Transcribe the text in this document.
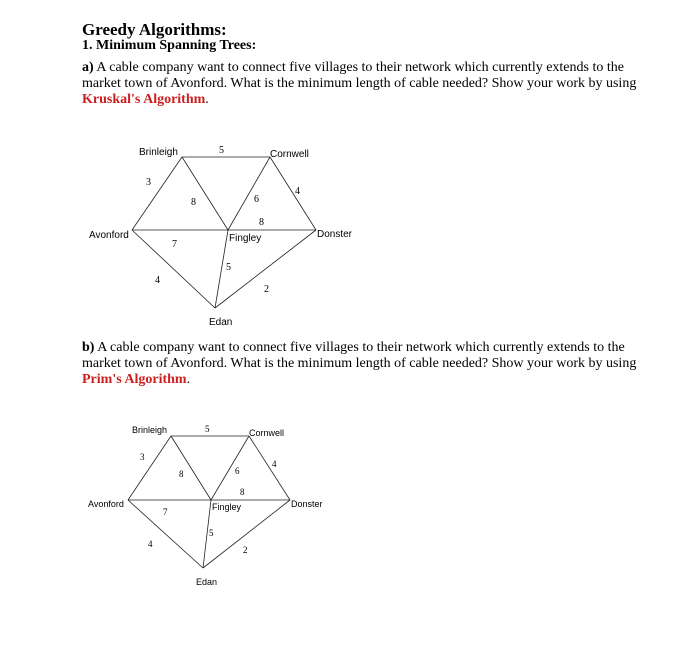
Greedy Algorithms:
1. Minimum Spanning Trees:
a) A cable company want to connect five villages to their network which currently extends to the market town of Avonford. What is the minimum length of cable needed? Show your work by using Kruskal's Algorithm.
b) A cable company want to connect five villages to their network which currently extends to the market town of Avonford. What is the minimum length of cable needed? Show your work by using Prim's Algorithm.
Brinleigh	Cornwell
Avonford	Fingley	Donster
Edan
5
3
8	6
4
8
7
4
5
2
Brinleigh	Cornwell
Avonford	Fingley	Donster
Edan
5
3
8	6
4
8
7
4
5
2
